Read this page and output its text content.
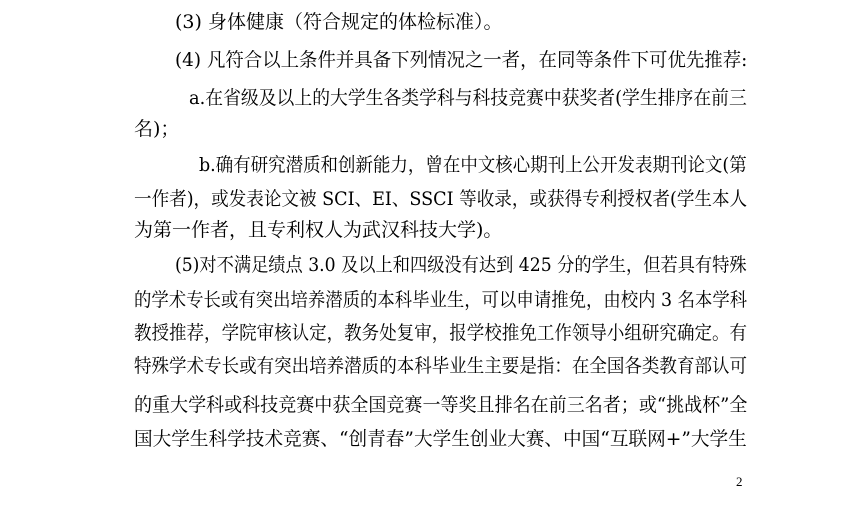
(3) 身体健康（符合规定的体检标准）。
(4) 凡符合以上条件并具备下列情况之一者，在同等条件下可优先推荐:
a.在省级及以上的大学生各类学科与科技竞赛中获奖者(学生排序在前三
名)；
b.确有研究潜质和创新能力，曾在中文核心期刊上公开发表期刊论文(第
一作者)，或发表论文被 SCI、EI、SSCI 等收录，或获得专利授权者(学生本人
为第一作者，且专利权人为武汉科技大学)。
(5)对不满足绩点 3.0 及以上和四级没有达到 425 分的学生，但若具有特殊
的学术专长或有突出培养潜质的本科毕业生，可以申请推免，由校内 3 名本学科
教授推荐，学院审核认定，教务处复审，报学校推免工作领导小组研究确定。有
特殊学术专长或有突出培养潜质的本科毕业生主要是指：在全国各类教育部认可
的重大学科或科技竞赛中获全国竞赛一等奖且排名在前三名者；或“挑战杯”全
国大学生科学技术竞赛、“创青春”大学生创业大赛、中国“互联网+”大学生
2
